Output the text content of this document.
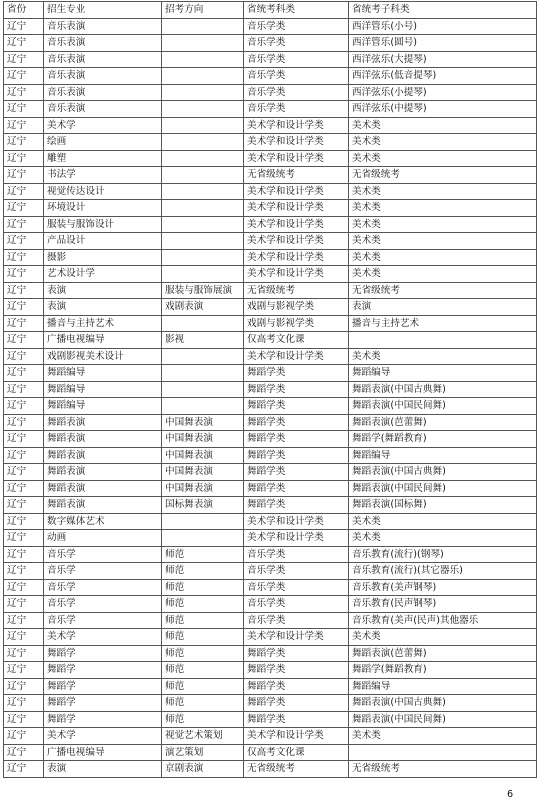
省份	招生专业	招考方向	省统考科类	省统考子科类
辽宁	音乐表演		音乐学类	西洋管乐(小号)
辽宁	音乐表演		音乐学类	西洋管乐(圆号)
辽宁	音乐表演		音乐学类	西洋弦乐(大提琴)
辽宁	音乐表演		音乐学类	西洋弦乐(低音提琴)
辽宁	音乐表演		音乐学类	西洋弦乐(小提琴)
辽宁	音乐表演		音乐学类	西洋弦乐(中提琴)
辽宁	美术学		美术学和设计学类	美术类
辽宁	绘画		美术学和设计学类	美术类
辽宁	雕塑		美术学和设计学类	美术类
辽宁	书法学		无省级统考	无省级统考
辽宁	视觉传达设计		美术学和设计学类	美术类
辽宁	环境设计		美术学和设计学类	美术类
辽宁	服装与服饰设计		美术学和设计学类	美术类
辽宁	产品设计		美术学和设计学类	美术类
辽宁	摄影		美术学和设计学类	美术类
辽宁	艺术设计学		美术学和设计学类	美术类
辽宁	表演	服装与服饰展演	无省级统考	无省级统考
辽宁	表演	戏剧表演	戏剧与影视学类	表演
辽宁	播音与主持艺术		戏剧与影视学类	播音与主持艺术
辽宁	广播电视编导	影视	仅高考文化课	
辽宁	戏剧影视美术设计		美术学和设计学类	美术类
辽宁	舞蹈编导		舞蹈学类	舞蹈编导
辽宁	舞蹈编导		舞蹈学类	舞蹈表演(中国古典舞)
辽宁	舞蹈编导		舞蹈学类	舞蹈表演(中国民间舞)
辽宁	舞蹈表演	中国舞表演	舞蹈学类	舞蹈表演(芭蕾舞)
辽宁	舞蹈表演	中国舞表演	舞蹈学类	舞蹈学(舞蹈教育)
辽宁	舞蹈表演	中国舞表演	舞蹈学类	舞蹈编导
辽宁	舞蹈表演	中国舞表演	舞蹈学类	舞蹈表演(中国古典舞)
辽宁	舞蹈表演	中国舞表演	舞蹈学类	舞蹈表演(中国民间舞)
辽宁	舞蹈表演	国标舞表演	舞蹈学类	舞蹈表演(国标舞)
辽宁	数字媒体艺术		美术学和设计学类	美术类
辽宁	动画		美术学和设计学类	美术类
辽宁	音乐学	师范	音乐学类	音乐教育(流行)(钢琴)
辽宁	音乐学	师范	音乐学类	音乐教育(流行)(其它器乐)
辽宁	音乐学	师范	音乐学类	音乐教育(美声钢琴)
辽宁	音乐学	师范	音乐学类	音乐教育(民声钢琴)
辽宁	音乐学	师范	音乐学类	音乐教育(美声(民声)其他器乐
辽宁	美术学	师范	美术学和设计学类	美术类
辽宁	舞蹈学	师范	舞蹈学类	舞蹈表演(芭蕾舞)
辽宁	舞蹈学	师范	舞蹈学类	舞蹈学(舞蹈教育)
辽宁	舞蹈学	师范	舞蹈学类	舞蹈编导
辽宁	舞蹈学	师范	舞蹈学类	舞蹈表演(中国古典舞)
辽宁	舞蹈学	师范	舞蹈学类	舞蹈表演(中国民间舞)
辽宁	美术学	视觉艺术策划	美术学和设计学类	美术类
辽宁	广播电视编导	演艺策划	仅高考文化课	
辽宁	表演	京剧表演	无省级统考	无省级统考
6
